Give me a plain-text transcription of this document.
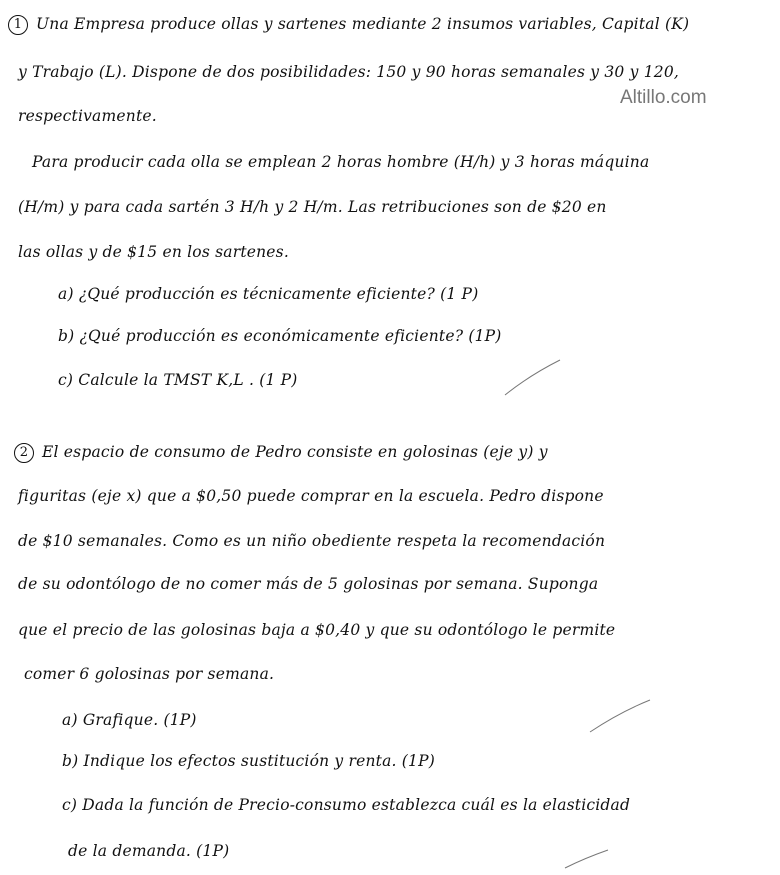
Altillo.com
1 Una Empresa produce ollas y sartenes mediante 2 insumos variables, Capital (K)
y Trabajo (L). Dispone de dos posibilidades: 150 y 90 horas semanales y 30 y 120,
respectivamente.
Para producir cada olla se emplean 2 horas hombre (H/h) y 3 horas máquina
(H/m) y para cada sartén 3 H/h y 2 H/m. Las retribuciones son de $20 en
las ollas y de $15 en los sartenes.
a) ¿Qué producción es técnicamente eficiente? (1 P)
b) ¿Qué producción es económicamente eficiente? (1P)
c) Calcule la TMST K,L . (1 P)
2 El espacio de consumo de Pedro consiste en golosinas (eje y) y
figuritas (eje x) que a $0,50 puede comprar en la escuela. Pedro dispone
de $10 semanales. Como es un niño obediente respeta la recomendación
de su odontólogo de no comer más de 5 golosinas por semana. Suponga
que el precio de las golosinas baja a $0,40 y que su odontólogo le permite
comer 6 golosinas por semana.
a) Grafique. (1P)
b) Indique los efectos sustitución y renta. (1P)
c) Dada la función de Precio-consumo establezca cuál es la elasticidad
de la demanda. (1P)
